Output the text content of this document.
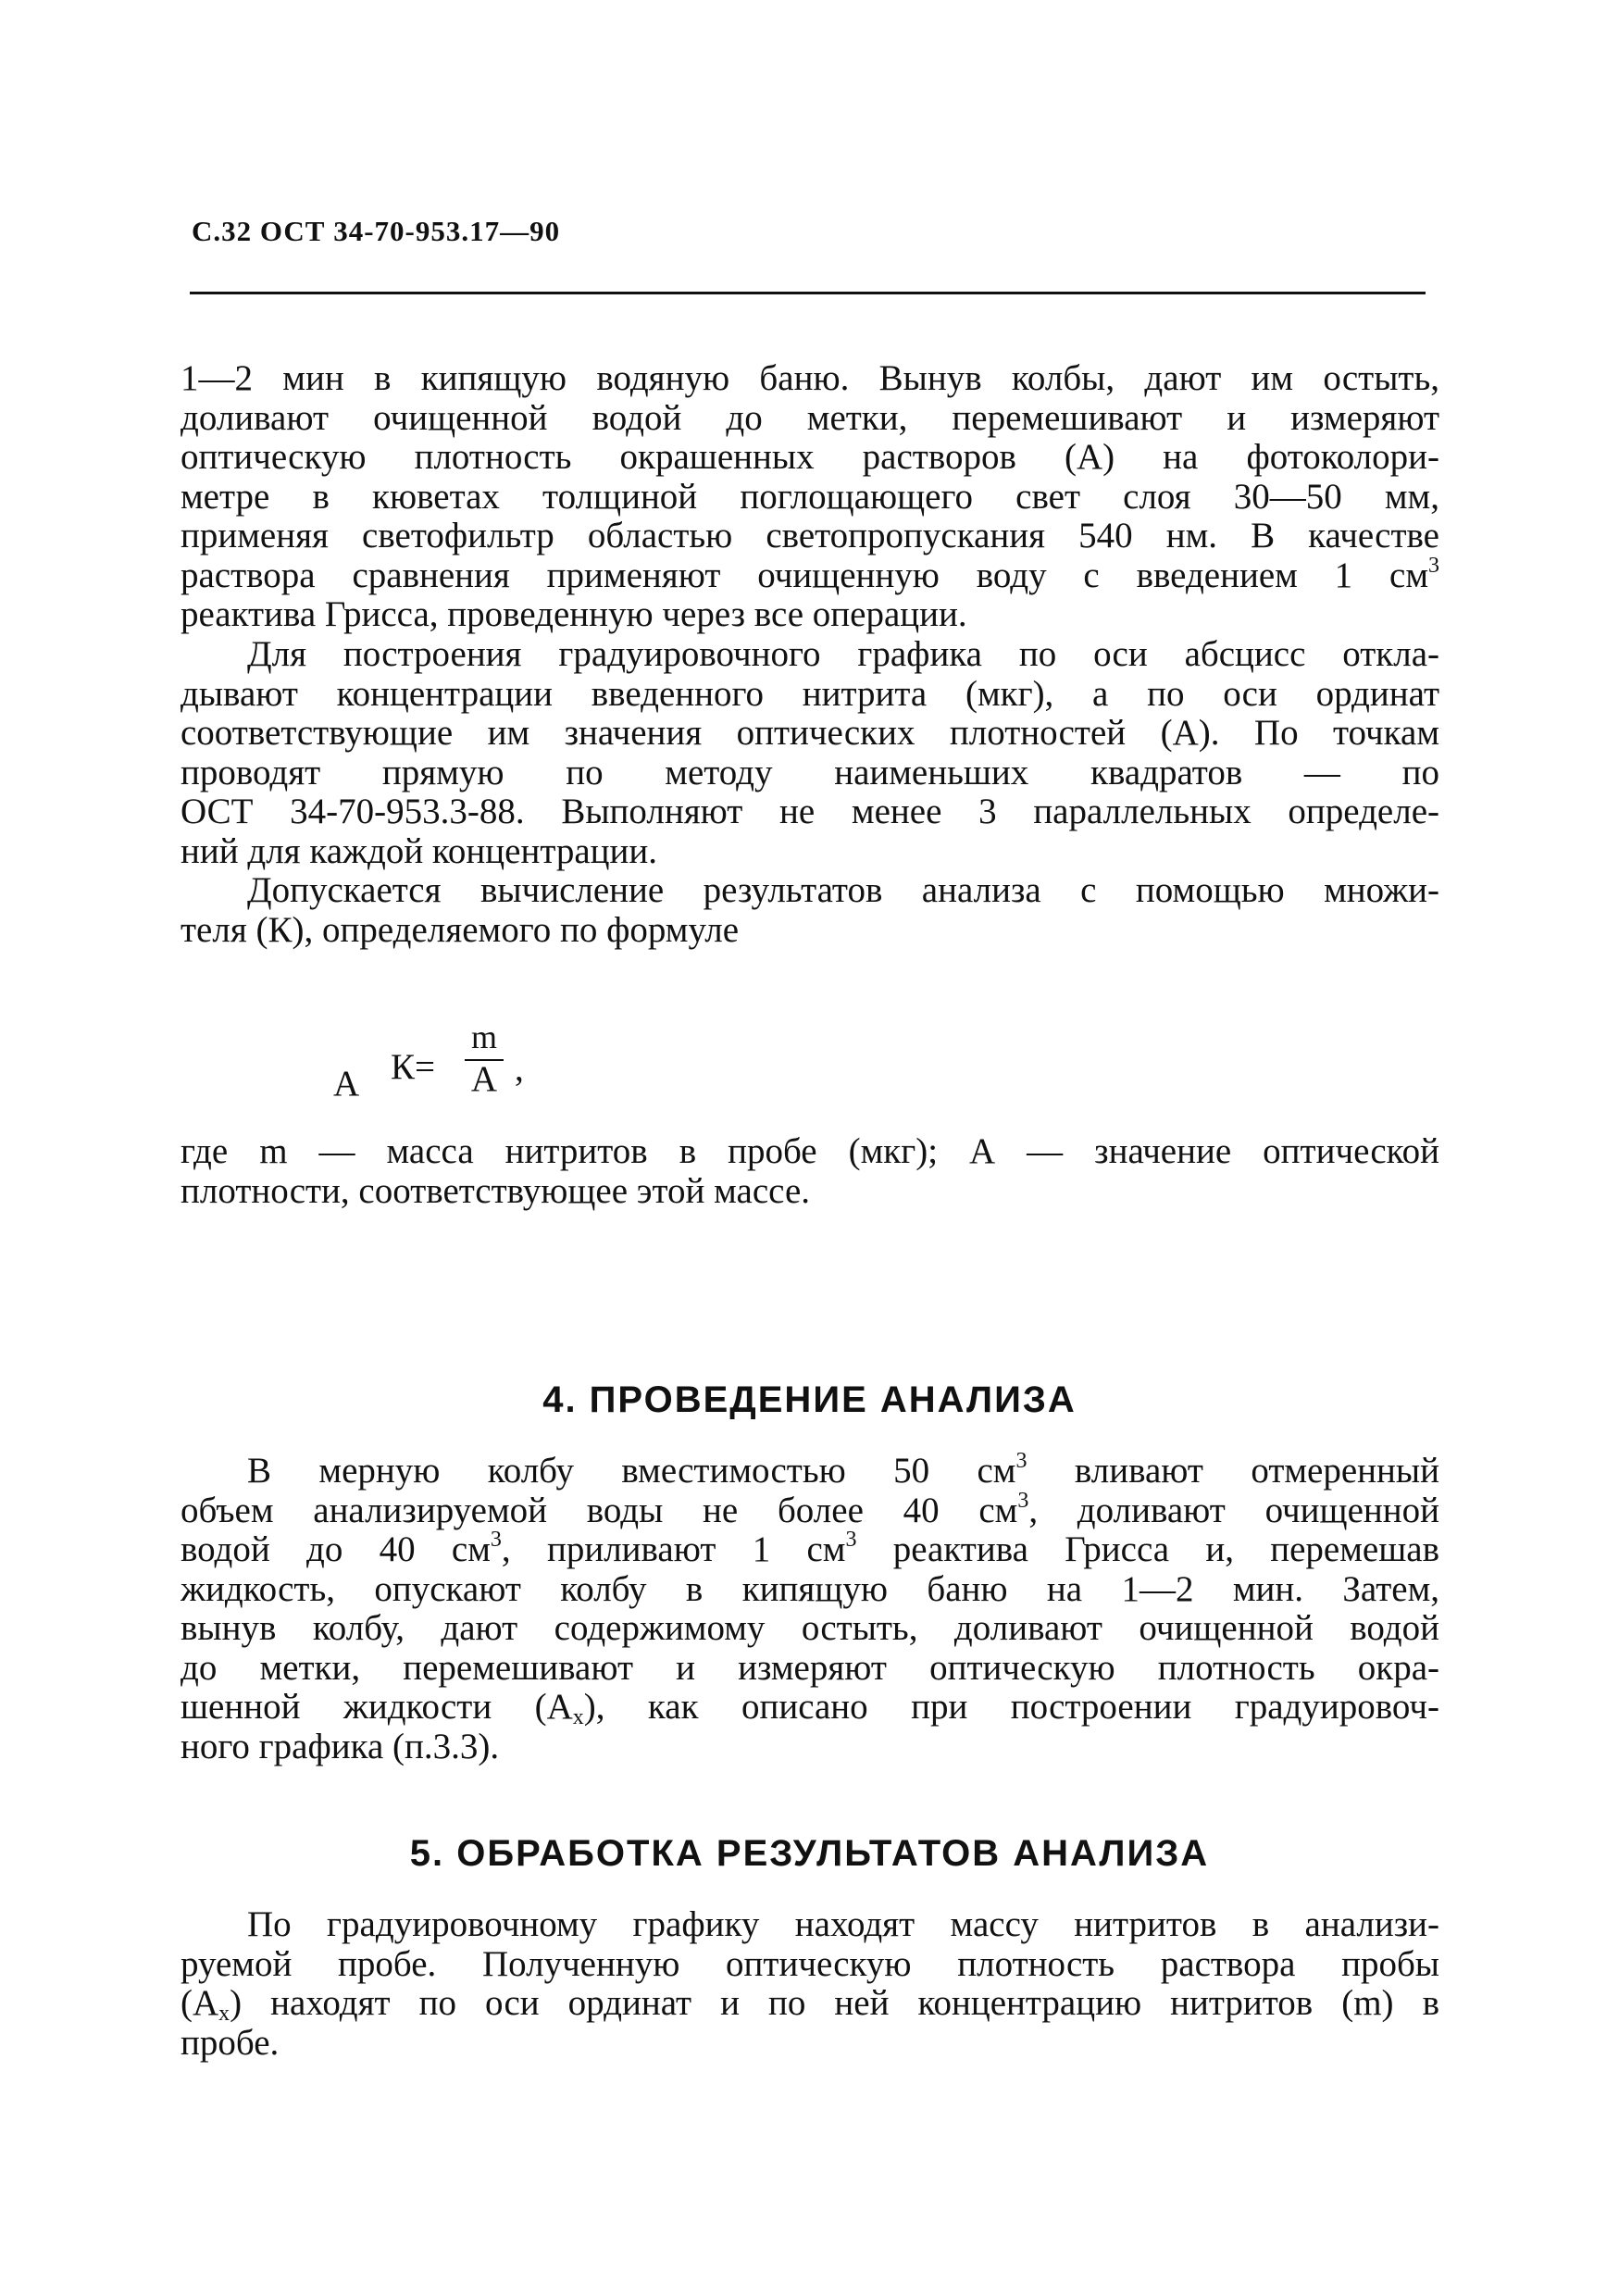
С.32 ОСТ 34-70-953.17—90
1—2 мин в кипящую водяную баню. Вынув колбы, дают им остыть,
доливают очищенной водой до метки, перемешивают и измеряют
оптическую плотность окрашенных растворов (А) на фотоколори-
метре в кюветах толщиной поглощающего свет слоя 30—50 мм,
применяя светофильтр областью светопропускания 540 нм. В качестве
раствора сравнения применяют очищенную воду с введением 1 $см^3$
реактива Грисса, проведенную через все операции.
Для построения градуировочного графика по оси абсцисс откла-
дывают концентрации введенного нитрита (мкг), а по оси ординат
соответствующие им значения оптических плотностей (А). По точкам
проводят прямую по методу наименьших квадратов — по
ОСТ 34-70-953.3-88. Выполняют не менее 3 параллельных определе-
ний для каждой концентрации.
Допускается вычисление результатов анализа с помощью множи-
теля (К), определяемого по формуле
А К=
m
А ,
где m — масса нитритов в пробе (мкг); А — значение оптической
плотности, соответствующее этой массе.
4. ПРОВЕДЕНИЕ АНАЛИЗА
В мерную колбу вместимостью 50 $см^3$ вливают отмеренный
объем анализируемой воды не более 40 $см^3$, доливают очищенной
водой до 40 $см^3$, приливают 1 $см^3$ реактива Грисса и, перемешав
жидкость, опускают колбу в кипящую баню на 1—2 мин. Затем,
вынув колбу, дают содержимому остыть, доливают очищенной водой
до метки, перемешивают и измеряют оптическую плотность окра-
шенной жидкости $(А_x)$, как описано при построении градуировоч-
ного графика (п.3.3).
5. ОБРАБОТКА РЕЗУЛЬТАТОВ АНАЛИЗА
По градуировочному графику находят массу нитритов в анализи-
руемой пробе. Полученную оптическую плотность раствора пробы
$(А_x)$ находят по оси ординат и по ней концентрацию нитритов (m) в
пробе.
